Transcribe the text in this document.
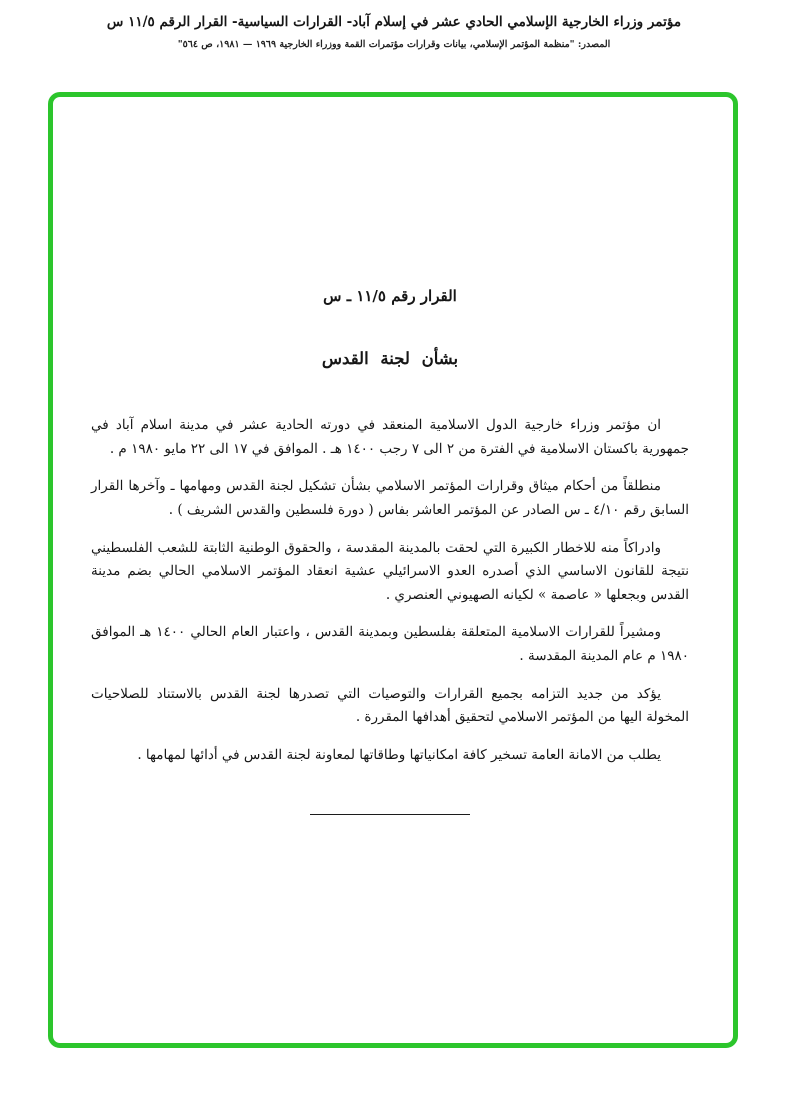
مؤتمر وزراء الخارجية الإسلامي الحادي عشر في إسلام آباد- القرارات السياسية- القرار الرقم ١١/٥ س
المصدر: "منظمة المؤتمر الإسلامي، بيانات وقرارات مؤتمرات القمة ووزراء الخارجية ١٩٦٩ — ١٩٨١، ص ٥٦٤"
القرار رقم ١١/٥ ـ س
بشأن لجنة القدس

ان مؤتمر وزراء خارجية الدول الاسلامية المنعقد في دورته الحادية عشر في مدينة اسلام آباد في جمهورية باكستان الاسلامية في الفترة من ٢ الى ٧ رجب ١٤٠٠ هـ . الموافق في ١٧ الى ٢٢ مايو ١٩٨٠ م .

منطلقاً من أحكام ميثاق وقرارات المؤتمر الاسلامي بشأن تشكيل لجنة القدس ومهامها ـ وآخرها القرار السابق رقم ٤/١٠ ـ س الصادر عن المؤتمر العاشر بفاس ( دورة فلسطين والقدس الشريف ) .

وادراكاً منه للاخطار الكبيرة التي لحقت بالمدينة المقدسة ، والحقوق الوطنية الثابتة للشعب الفلسطيني نتيجة للقانون الاساسي الذي أصدره العدو الاسرائيلي عشية انعقاد المؤتمر الاسلامي الحالي بضم مدينة القدس وبجعلها « عاصمة » لكيانه الصهيوني العنصري .

ومشيراً للقرارات الاسلامية المتعلقة بفلسطين وبمدينة القدس ، واعتبار العام الحالي ١٤٠٠ هـ الموافق ١٩٨٠ م عام المدينة المقدسة .

يؤكد من جديد التزامه بجميع القرارات والتوصيات التي تصدرها لجنة القدس بالاستناد للصلاحيات المخولة اليها من المؤتمر الاسلامي لتحقيق أهدافها المقررة .

يطلب من الامانة العامة تسخير كافة امكانياتها وطاقاتها لمعاونة لجنة القدس في أدائها لمهامها .
